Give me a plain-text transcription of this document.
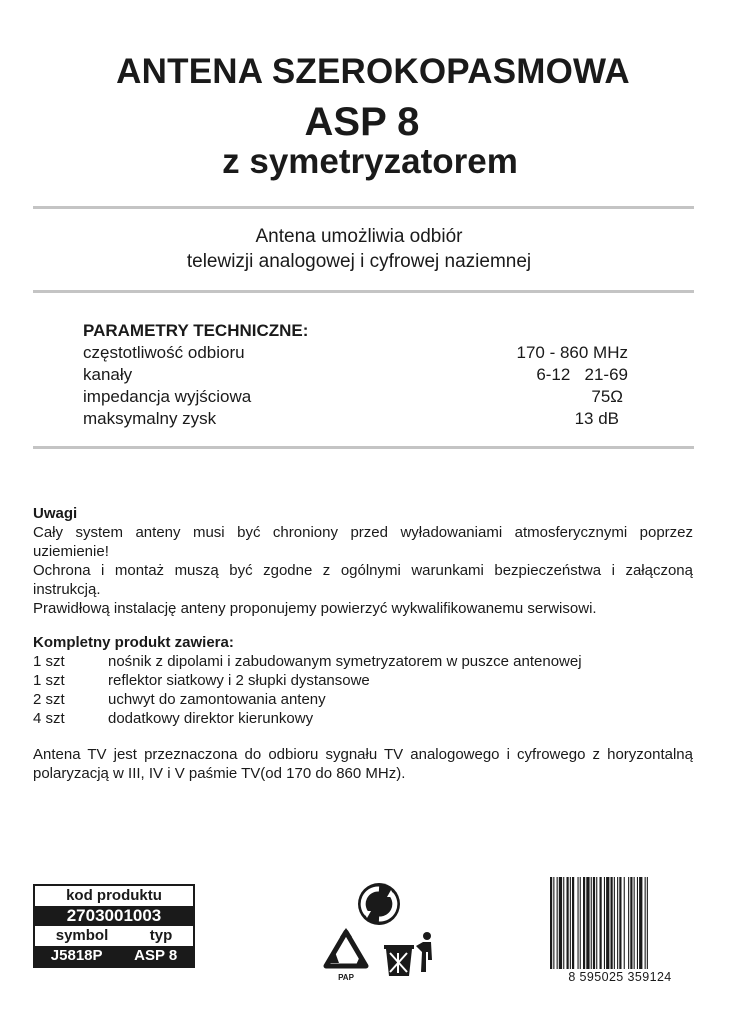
ANTENA SZEROKOPASMOWA
ASP 8
z symetryzatorem
Antena umożliwia odbiór
telewizji analogowej i cyfrowej naziemnej
PARAMETRY TECHNICZNE:
częstotliwość odbioru	170 - 860 MHz
kanały	6-12   21-69
impedancja wyjściowa	75Ω
maksymalny zysk	13 dB
Uwagi
Cały system anteny musi być chroniony przed wyładowaniami atmosferycznymi poprzez uziemienie!
Ochrona i montaż muszą być zgodne z ogólnymi warunkami bezpieczeństwa i załączoną instrukcją.
Prawidłową instalację anteny proponujemy powierzyć wykwalifikowanemu serwisowi.
Kompletny produkt zawiera:
1 szt	nośnik z dipolami i zabudowanym symetryzatorem w puszce antenowej
1 szt	reflektor siatkowy i 2 słupki dystansowe
2 szt	uchwyt do zamontowania anteny
4 szt	dodatkowy direktor kierunkowy
Antena TV jest przeznaczona do odbioru sygnału TV analogowego i cyfrowego z horyzontalną polaryzacją w III, IV i V paśmie TV(od 170 do 860 MHz).
kod produktu
2703001003
symbol	typ
J5818P ASP 8
PAP	8 595025 359124
